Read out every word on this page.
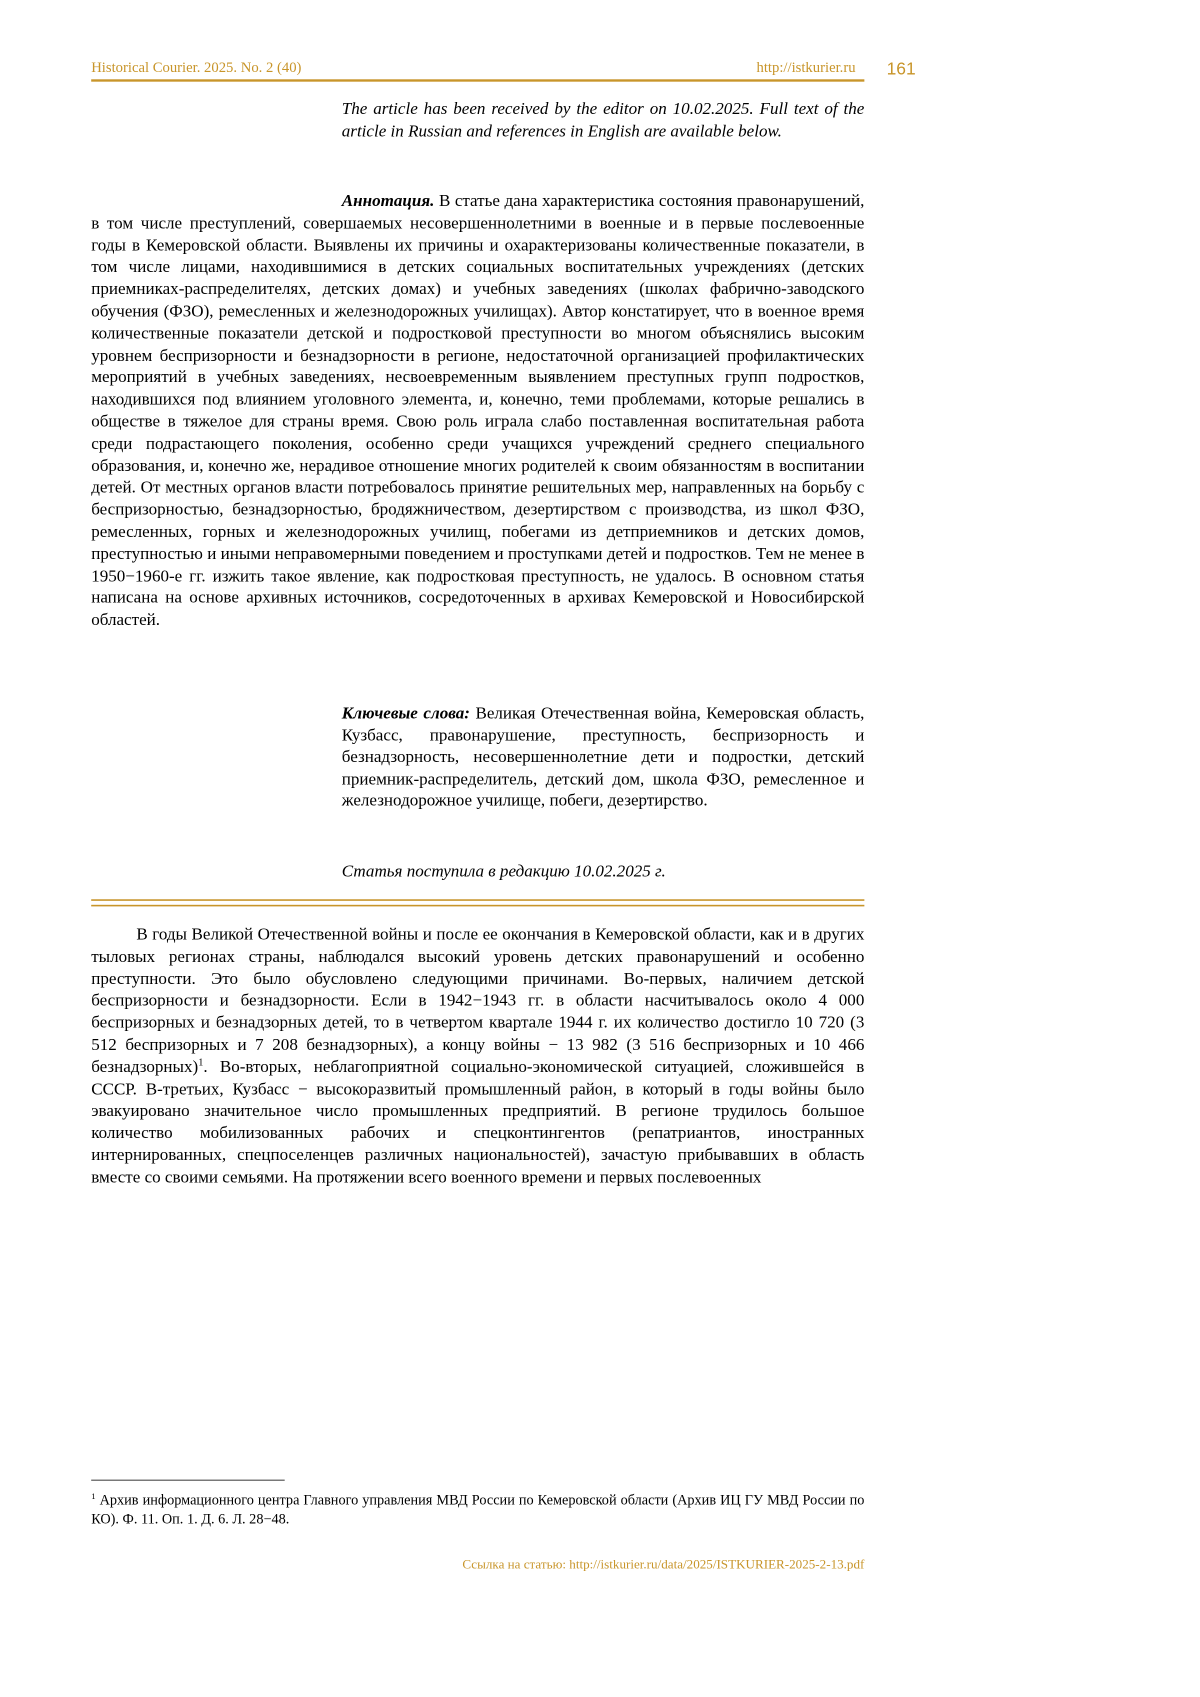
Historical Courier. 2025. No. 2 (40)	http://istkurier.ru 161
The article has been received by the editor on 10.02.2025. Full text of the article in Russian and references in English are available below.
Аннотация. В статье дана характеристика состояния правонарушений, в том числе преступлений, совершаемых несовершеннолетними в военные и в первые послевоенные годы в Кемеровской области. Выявлены их причины и охарактеризованы количественные показатели, в том числе лицами, находившимися в детских социальных воспитательных учреждениях (детских приемниках-распределителях, детских домах) и учебных заведениях (школах фабрично-заводского обучения (ФЗО), ремесленных и железнодорожных училищах). Автор констатирует, что в военное время количественные показатели детской и подростковой преступности во многом объяснялись высоким уровнем беспризорности и безнадзорности в регионе, недостаточной организацией профилактических мероприятий в учебных заведениях, несвоевременным выявлением преступных групп подростков, находившихся под влиянием уголовного элемента, и, конечно, теми проблемами, которые решались в обществе в тяжелое для страны время. Свою роль играла слабо поставленная воспитательная работа среди подрастающего поколения, особенно среди учащихся учреждений среднего специального образования, и, конечно же, нерадивое отношение многих родителей к своим обязанностям в воспитании детей. От местных органов власти потребовалось принятие решительных мер, направленных на борьбу с беспризорностью, безнадзорностью, бродяжничеством, дезертирством с производства, из школ ФЗО, ремесленных, горных и железнодорожных училищ, побегами из детприемников и детских домов, преступностью и иными неправомерными поведением и проступками детей и подростков. Тем не менее в 1950−1960-е гг. изжить такое явление, как подростковая преступность, не удалось. В основном статья написана на основе архивных источников, сосредоточенных в архивах Кемеровской и Новосибирской областей.
Ключевые слова: Великая Отечественная война, Кемеровская область, Кузбасс, правонарушение, преступность, беспризорность и безнадзорность, несовершеннолетние дети и подростки, детский приемник-распределитель, детский дом, школа ФЗО, ремесленное и железнодорожное училище, побеги, дезертирство.
Статья поступила в редакцию 10.02.2025 г.
В годы Великой Отечественной войны и после ее окончания в Кемеровской области, как и в других тыловых регионах страны, наблюдался высокий уровень детских правонарушений и особенно преступности. Это было обусловлено следующими причинами. Во-первых, наличием детской беспризорности и безнадзорности. Если в 1942−1943 гг. в области насчитывалось около 4 000 беспризорных и безнадзорных детей, то в четвертом квартале 1944 г. их количество достигло 10 720 (3 512 беспризорных и 7 208 безнадзорных), а концу войны − 13 982 (3 516 беспризорных и 10 466 безнадзорных)$^1$. Во-вторых, неблагоприятной социально-экономической ситуацией, сложившейся в СССР. В-третьих, Кузбасс − высокоразвитый промышленный район, в который в годы войны было эвакуировано значительное число промышленных предприятий. В регионе трудилось большое количество мобилизованных рабочих и спецконтингентов (репатриантов, иностранных интернированных, спецпоселенцев различных национальностей), зачастую прибывавших в область вместе со своими семьями. На протяжении всего военного времени и первых послевоенных
$^1$ Архив информационного центра Главного управления МВД России по Кемеровской области (Архив ИЦ ГУ МВД России по КО). Ф. 11. Оп. 1. Д. 6. Л. 28−48.
Ссылка на статью: http://istkurier.ru/data/2025/ISTKURIER-2025-2-13.pdf
